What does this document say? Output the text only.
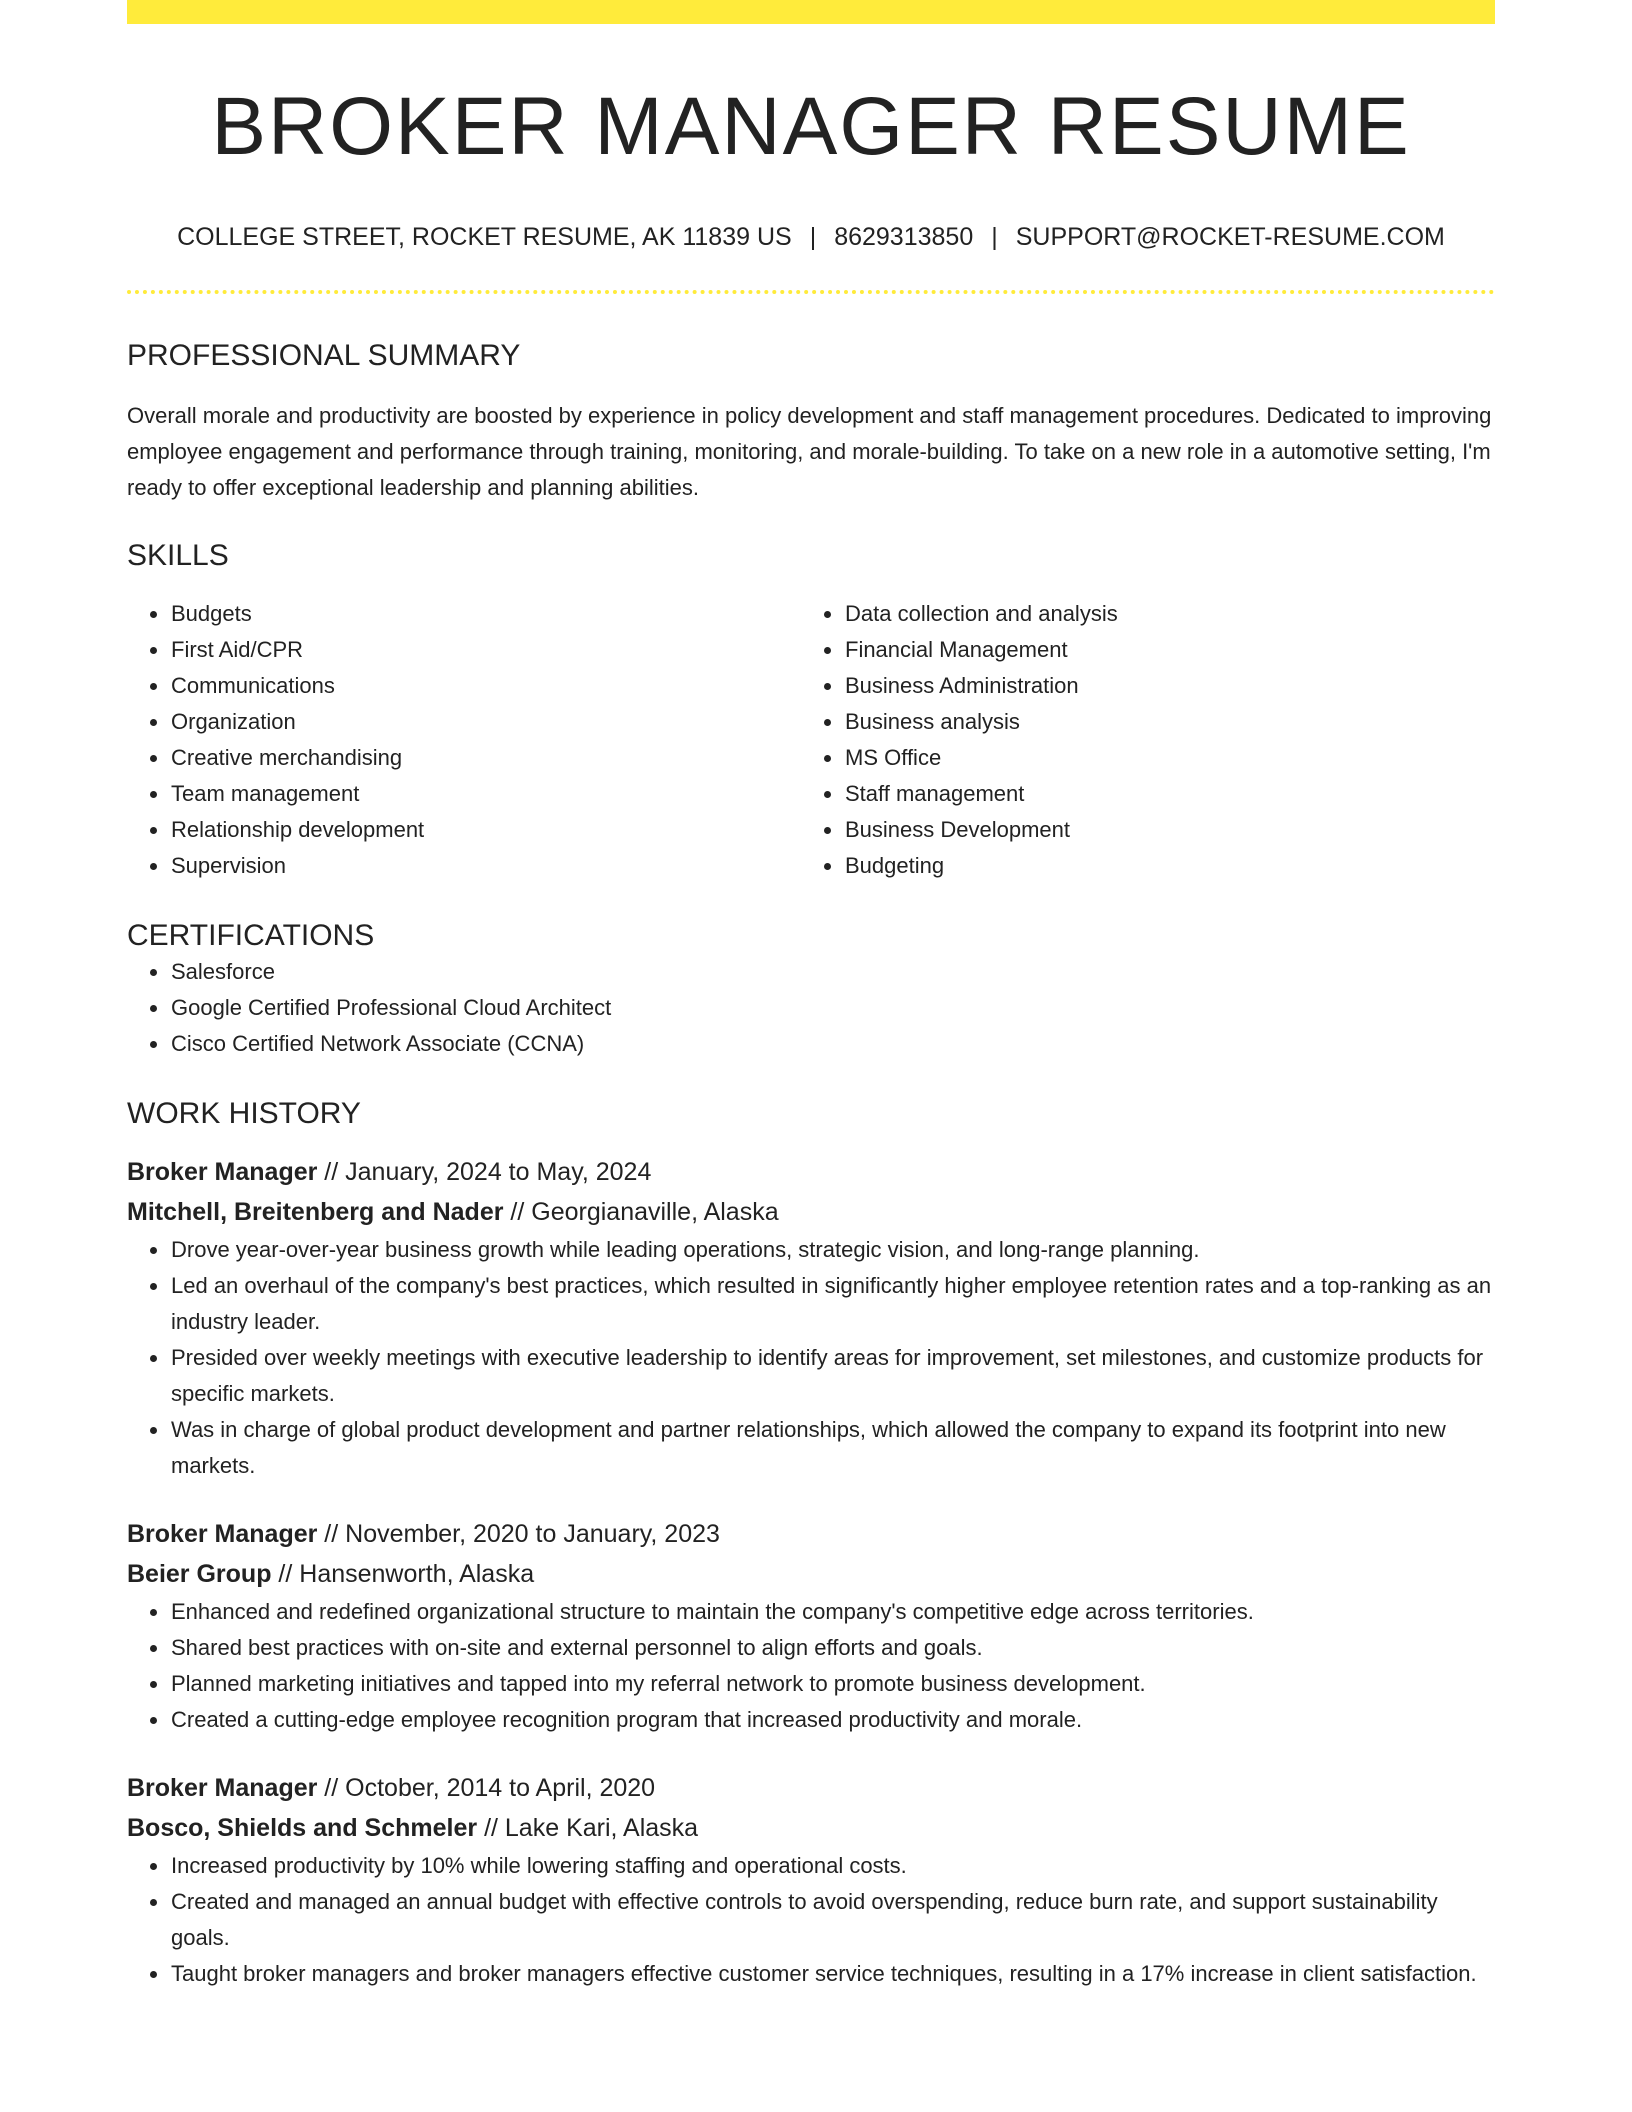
BROKER MANAGER RESUME
COLLEGE STREET, ROCKET RESUME, AK 11839 US | 8629313850 | SUPPORT@ROCKET-RESUME.COM
PROFESSIONAL SUMMARY

Overall morale and productivity are boosted by experience in policy development and staff management procedures. Dedicated to improving employee engagement and performance through training, monitoring, and morale-building. To take on a new role in a automotive setting, I'm ready to offer exceptional leadership and planning abilities.

SKILLS
• Budgets
• First Aid/CPR
• Communications
• Organization
• Creative merchandising
• Team management
• Relationship development
• Supervision
• Data collection and analysis
• Financial Management
• Business Administration
• Business analysis
• MS Office
• Staff management
• Business Development
• Budgeting
CERTIFICATIONS
• Salesforce
• Google Certified Professional Cloud Architect
• Cisco Certified Network Associate (CCNA)
WORK HISTORY
Broker Manager // January, 2024 to May, 2024
Mitchell, Breitenberg and Nader // Georgianaville, Alaska
• Drove year-over-year business growth while leading operations, strategic vision, and long-range planning.
• Led an overhaul of the company's best practices, which resulted in significantly higher employee retention rates and a top-ranking as an industry leader.
• Presided over weekly meetings with executive leadership to identify areas for improvement, set milestones, and customize products for specific markets.
• Was in charge of global product development and partner relationships, which allowed the company to expand its footprint into new markets.
Broker Manager // November, 2020 to January, 2023
Beier Group // Hansenworth, Alaska
• Enhanced and redefined organizational structure to maintain the company's competitive edge across territories.
• Shared best practices with on-site and external personnel to align efforts and goals.
• Planned marketing initiatives and tapped into my referral network to promote business development.
• Created a cutting-edge employee recognition program that increased productivity and morale.
Broker Manager // October, 2014 to April, 2020
Bosco, Shields and Schmeler // Lake Kari, Alaska
• Increased productivity by 10% while lowering staffing and operational costs.
• Created and managed an annual budget with effective controls to avoid overspending, reduce burn rate, and support sustainability goals.
• Taught broker managers and broker managers effective customer service techniques, resulting in a 17% increase in client satisfaction.
